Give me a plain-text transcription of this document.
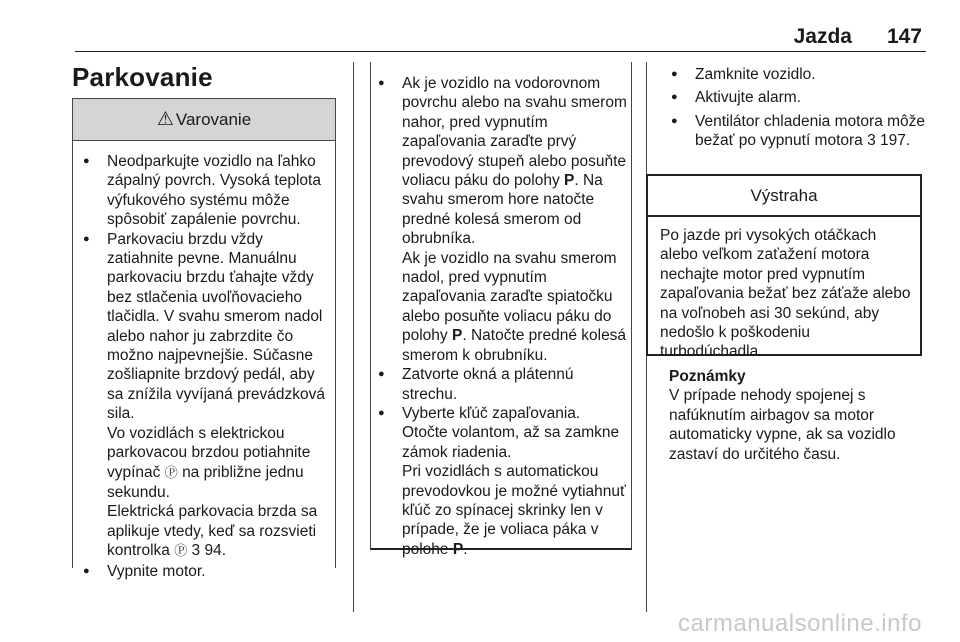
Jazda 147
Parkovanie
⚠ Varovanie

● Neodparkujte vozidlo na ľahko zápalný povrch. Vysoká teplota výfukového systému môže spôsobiť zapálenie povrchu.

● Parkovaciu brzdu vždy zatiahnite pevne. Manuálnu parkovaciu brzdu ťahajte vždy bez stlačenia uvoľňovacieho tlačidla. V svahu smerom nadol alebo nahor ju zabrzdite čo možno najpevnejšie. Súčasne zošliapnite brzdový pedál, aby sa znížila vyvíjaná prevádzková sila.

Vo vozidlách s elektrickou parkovacou brzdou potiahnite vypínač Ⓟ na približne jednu sekundu.

Elektrická parkovacia brzda sa aplikuje vtedy, keď sa rozsvieti kontrolka Ⓟ 3 94.

● Vypnite motor.

● Ak je vozidlo na vodorovnom povrchu alebo na svahu smerom nahor, pred vypnutím zapaľovania zaraďte prvý prevodový stupeň alebo posuňte voliacu páku do polohy P. Na svahu smerom hore natočte predné kolesá smerom od obrubníka.

Ak je vozidlo na svahu smerom nadol, pred vypnutím zapaľovania zaraďte spiatočku alebo posuňte voliacu páku do polohy P. Natočte predné kolesá smerom k obrubníku.

● Zatvorte okná a plátennú strechu.

● Vyberte kľúč zapaľovania. Otočte volantom, až sa zamkne zámok riadenia.

Pri vozidlách s automatickou prevodovkou je možné vytiahnuť kľúč zo spínacej skrinky len v prípade, že je voliaca páka v polohe P.

● Zamknite vozidlo.

● Aktivujte alarm.

● Ventilátor chladenia motora môže bežať po vypnutí motora 3 197.

Výstraha
Po jazde pri vysokých otáčkach alebo veľkom zaťažení motora nechajte motor pred vypnutím zapaľovania bežať bez záťaže alebo na voľnobeh asi 30 sekúnd, aby nedošlo k poškodeniu turbodúchadla.
Poznámky
V prípade nehody spojenej s nafúknutím airbagov sa motor automaticky vypne, ak sa vozidlo zastaví do určitého času.
carmanualsonline.info
